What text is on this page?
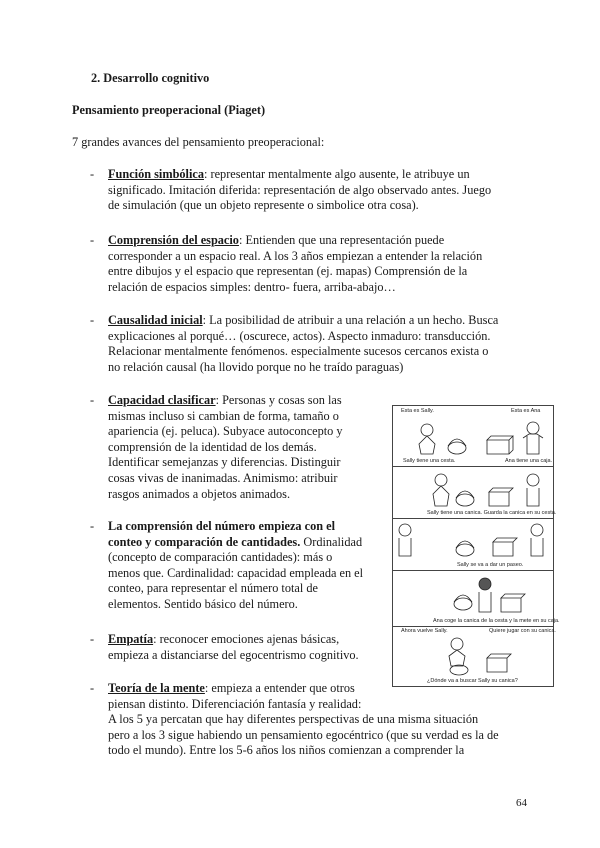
2. Desarrollo cognitivo
Pensamiento preoperacional (Piaget)
7 grandes avances del pensamiento preoperacional:
- Función simbólica: representar mentalmente algo ausente, le atribuye un
significado. Imitación diferida: representación de algo observado antes. Juego
de simulación (que un objeto represente o simbolice otra cosa).
- Comprensión del espacio: Entienden que una representación puede
corresponder a un espacio real. A los 3 años empiezan a entender la relación
entre dibujos y el espacio que representan (ej. mapas) Comprensión de la
relación de espacios simples: dentro- fuera, arriba-abajo…
- Causalidad inicial: La posibilidad de atribuir a una relación a un hecho. Busca
explicaciones al porqué… (oscurece, actos). Aspecto inmaduro: transducción.
Relacionar mentalmente fenómenos. especialmente sucesos cercanos exista o
no relación causal (ha llovido porque no he traído paraguas)
- Capacidad clasificar: Personas y cosas son las
mismas incluso si cambian de forma, tamaño o
apariencia (ej. peluca). Subyace autoconcepto y
comprensión de la identidad de los demás.
Identificar semejanzas y diferencias. Distinguir
cosas vivas de inanimadas. Animismo: atribuir
rasgos animados a objetos animados.
- La comprensión del número empieza con el
conteo y comparación de cantidades. Ordinalidad
(concepto de comparación cantidades): más o
menos que. Cardinalidad: capacidad empleada en el
conteo, para representar el número total de
elementos. Sentido básico del número.
- Empatía: reconocer emociones ajenas básicas,
empieza a distanciarse del egocentrismo cognitivo.
- Teoría de la mente: empieza a entender que otros
piensan distinto. Diferenciación fantasía y realidad:
A los 5 ya percatan que hay diferentes perspectivas de una misma situación
pero a los 3 sigue habiendo un pensamiento egocéntrico (que su verdad es la de
todo el mundo). Entre los 5-6 años los niños comienzan a comprender la
Esta es Sally.	Esta es Ana
Sally tiene una cesta.	Ana tiene una caja.
Sally tiene una canica. Guarda la canica en su cesta.
Sally se va a dar un paseo.
Ana coge la canica de la cesta y la mete en su caja.
Ahora vuelve Sally.	Quiere jugar con su canica.
¿Dónde va a buscar Sally su canica?
64
